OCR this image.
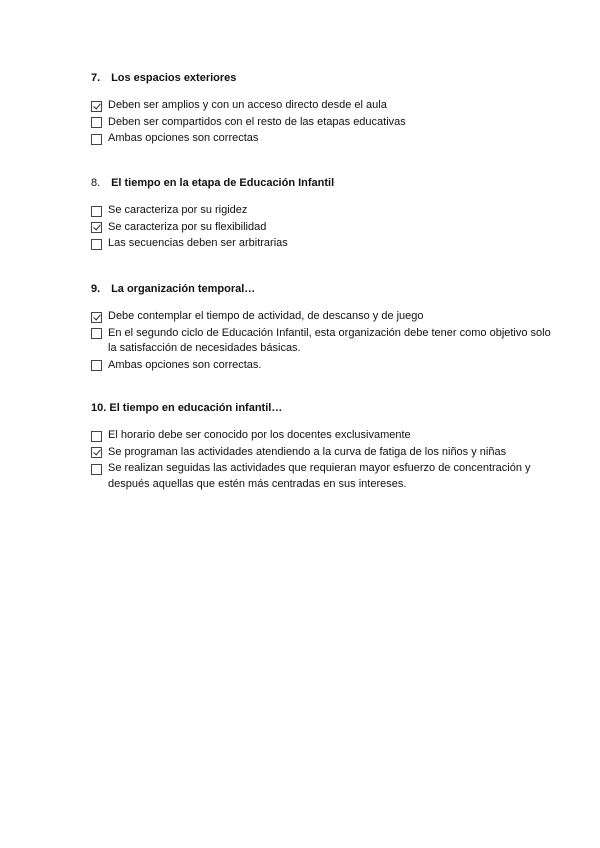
7. Los espacios exteriores
Deben ser amplios y con un acceso directo desde el aula
Deben ser compartidos con el resto de las etapas educativas
Ambas opciones son correctas
8. El tiempo en la etapa de Educación Infantil
Se caracteriza por su rigidez
Se caracteriza por su flexibilidad
Las secuencias deben ser arbitrarias
9. La organización temporal…
Debe contemplar el tiempo de actividad, de descanso y de juego
En el segundo ciclo de Educación Infantil, esta organización debe tener como objetivo solo la satisfacción de necesidades básicas.
Ambas opciones son correctas.
10. El tiempo en educación infantil…
El horario debe ser conocido por los docentes exclusivamente
Se programan las actividades atendiendo a la curva de fatiga de los niños y niñas
Se realizan seguidas las actividades que requieran mayor esfuerzo de concentración y después aquellas que estén más centradas en sus intereses.
